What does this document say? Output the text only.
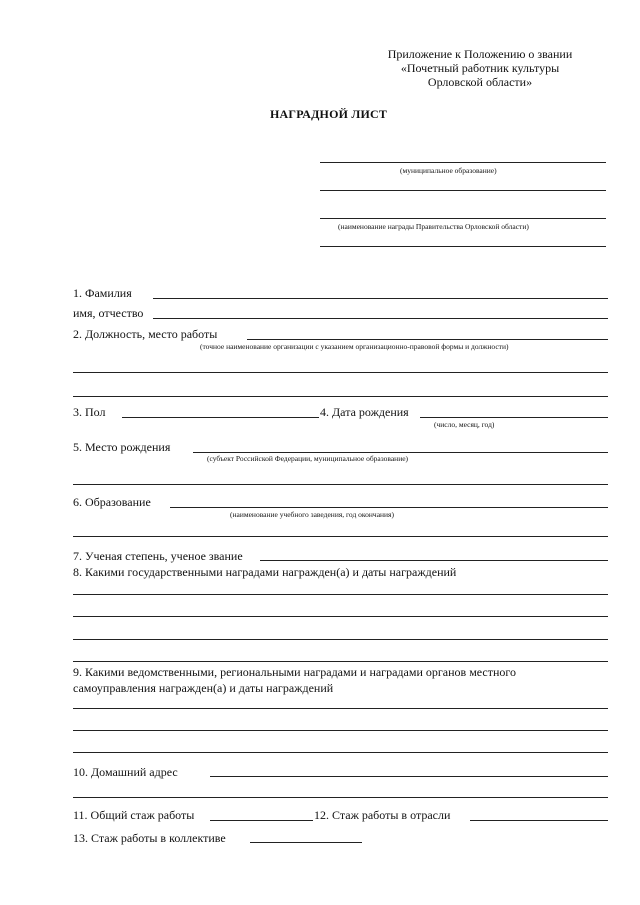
Приложение к Положению о звании
«Почетный работник культуры
Орловской области»
НАГРАДНОЙ ЛИСТ
(муниципальное образование)
(наименование награды Правительства Орловской области)
1. Фамилия
имя, отчество
2. Должность, место работы
(точное наименование организации с указанием организационно-правовой формы и должности)
3. Пол	4. Дата рождения
(число, месяц, год)
5. Место рождения
(субъект Российской Федерации, муниципальное образование)
6. Образование
(наименование учебного заведения, год окончания)
7. Ученая степень, ученое звание
8. Какими государственными наградами награжден(а) и даты награждений
9. Какими ведомственными, региональными наградами и наградами органов местного
самоуправления награжден(а) и даты награждений
10. Домашний адрес
11. Общий стаж работы	12. Стаж работы в отрасли
13. Стаж работы в коллективе
